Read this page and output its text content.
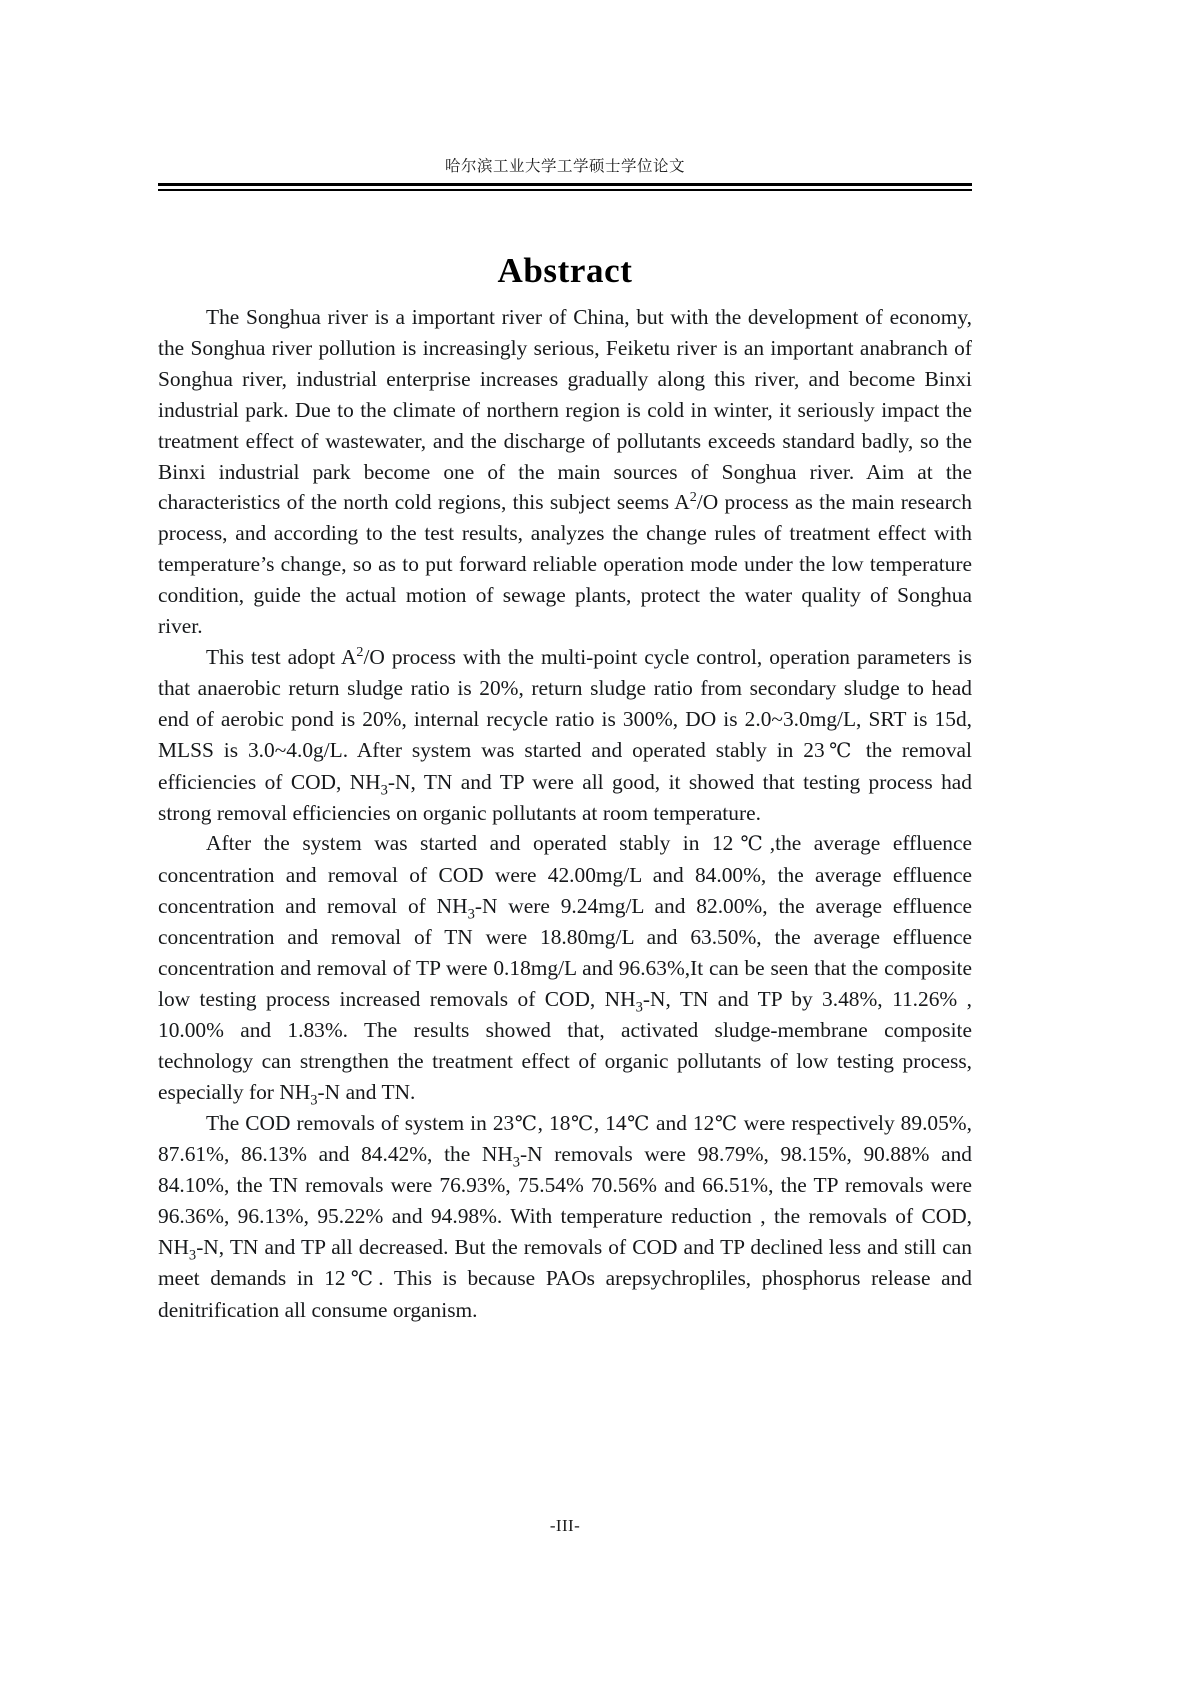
哈尔滨工业大学工学硕士学位论文
Abstract

The Songhua river is a important river of China, but with the development of economy, the Songhua river pollution is increasingly serious, Feiketu river is an important anabranch of Songhua river, industrial enterprise increases gradually along this river, and become Binxi industrial park. Due to the climate of northern region is cold in winter, it seriously impact the treatment effect of wastewater, and the discharge of pollutants exceeds standard badly, so the Binxi industrial park become one of the main sources of Songhua river. Aim at the characteristics of the north cold regions, this subject seems $A^2/O$ process as the main research process, and according to the test results, analyzes the change rules of treatment effect with temperature’s change, so as to put forward reliable operation mode under the low temperature condition, guide the actual motion of sewage plants, protect the water quality of Songhua river.

This test adopt $A^2/O$ process with the multi-point cycle control, operation parameters is that anaerobic return sludge ratio is 20%, return sludge ratio from secondary sludge to head end of aerobic pond is 20%, internal recycle ratio is 300%, DO is 2.0~3.0mg/L, SRT is 15d, MLSS is 3.0~4.0g/L. After system was started and operated stably in 23℃ the removal efficiencies of COD, $NH_3-N$, TN and TP were all good, it showed that testing process had strong removal efficiencies on organic pollutants at room temperature.

After the system was started and operated stably in 12℃,the average effluence concentration and removal of COD were 42.00mg/L and 84.00%, the average effluence concentration and removal of $NH_3-N$ were 9.24mg/L and 82.00%, the average effluence concentration and removal of TN were 18.80mg/L and 63.50%, the average effluence concentration and removal of TP were 0.18mg/L and 96.63%,It can be seen that the composite low testing process increased removals of COD, $NH_3-N$, TN and TP by 3.48%, 11.26% , 10.00% and 1.83%. The results showed that, activated sludge-membrane composite technology can strengthen the treatment effect of organic pollutants of low testing process, especially for $NH_3-N$ and TN.

The COD removals of system in 23℃, 18℃, 14℃ and 12℃ were respectively 89.05%, 87.61%, 86.13% and 84.42%, the $NH_3-N$ removals were 98.79%, 98.15%, 90.88% and 84.10%, the TN removals were 76.93%, 75.54% 70.56% and 66.51%, the TP removals were 96.36%, 96.13%, 95.22% and 94.98%. With temperature reduction , the removals of COD, $NH_3-N$, TN and TP all decreased. But the removals of COD and TP declined less and still can meet demands in 12℃. This is because PAOs arepsychropliles, phosphorus release and denitrification all consume organism.

-III-
